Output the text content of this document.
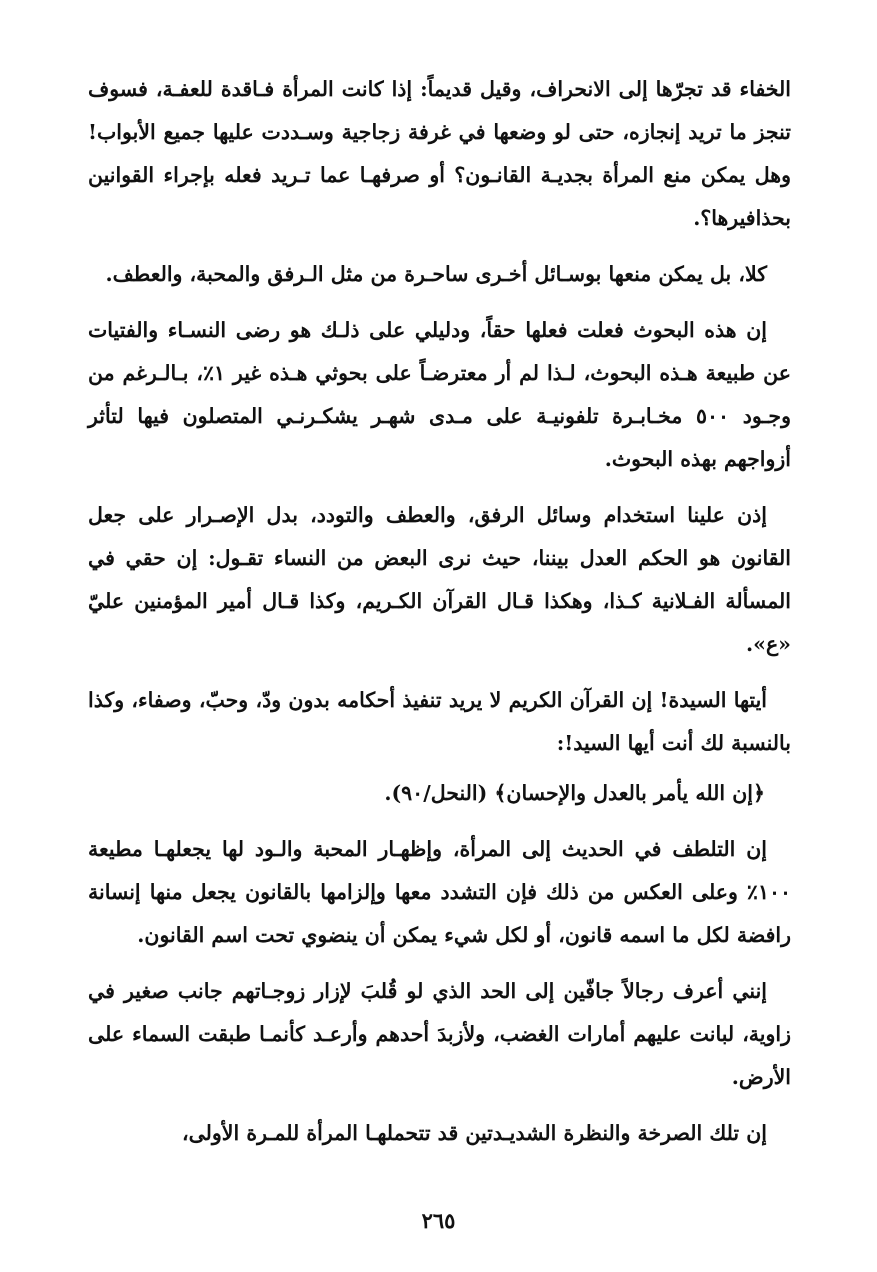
الخفاء قد تجرّها إلى الانحراف، وقيل قديماً: إذا كانت المرأة فـاقدة للعفـة، فسوف تنجز ما تريد إنجازه، حتى لو وضعها في غرفة زجاجية وسـددت عليها جميع الأبواب! وهل يمكن منع المرأة بجديـة القانـون؟ أو صرفهـا عما تـريد فعله بإجراء القوانين بحذافيرها؟.

كلا، بل يمكن منعها بوسـائل أخـرى ساحـرة من مثل الـرفق والمحبة، والعطف.

إن هذه البحوث فعلت فعلها حقاً، ودليلي على ذلـك هو رضى النسـاء والفتيات عن طبيعة هـذه البحوث، لـذا لم أر معترضـاً على بحوثي هـذه غير ١٪، بـالـرغم من وجـود ٥٠٠ مخـابـرة تلفونيـة على مـدى شهـر يشكـرنـي المتصلون فيها لتأثر أزواجهم بهذه البحوث.

إذن علينا استخدام وسائل الرفق، والعطف والتودد، بدل الإصـرار على جعل القانون هو الحكم العدل بيننا، حيث نرى البعض من النساء تقـول: إن حقي في المسألة الفـلانية كـذا، وهكذا قـال القرآن الكـريم، وكذا قـال أمير المؤمنين عليّ «ع».

أيتها السيدة! إن القرآن الكريم لا يريد تنفيذ أحكامه بدون ودّ، وحبّ، وصفاء، وكذا بالنسبة لك أنت أيها السيد!:

﴿إن الله يأمر بالعدل والإحسان﴾ (النحل/٩٠).

إن التلطف في الحديث إلى المرأة، وإظهـار المحبة والـود لها يجعلهـا مطيعة ١٠٠٪ وعلى العكس من ذلك فإن التشدد معها وإلزامها بالقانون يجعل منها إنسانة رافضة لكل ما اسمه قانون، أو لكل شيء يمكن أن ينضوي تحت اسم القانون.

إنني أعرف رجالاً جافّين إلى الحد الذي لو قُلبَ لإزار زوجـاتهم جانب صغير في زاوية، لبانت عليهم أمارات الغضب، ولأزبدَ أحدهم وأرعـد كأنمـا طبقت السماء على الأرض.

إن تلك الصرخة والنظرة الشديـدتين قد تتحملهـا المرأة للمـرة الأولى،

٢٦٥
